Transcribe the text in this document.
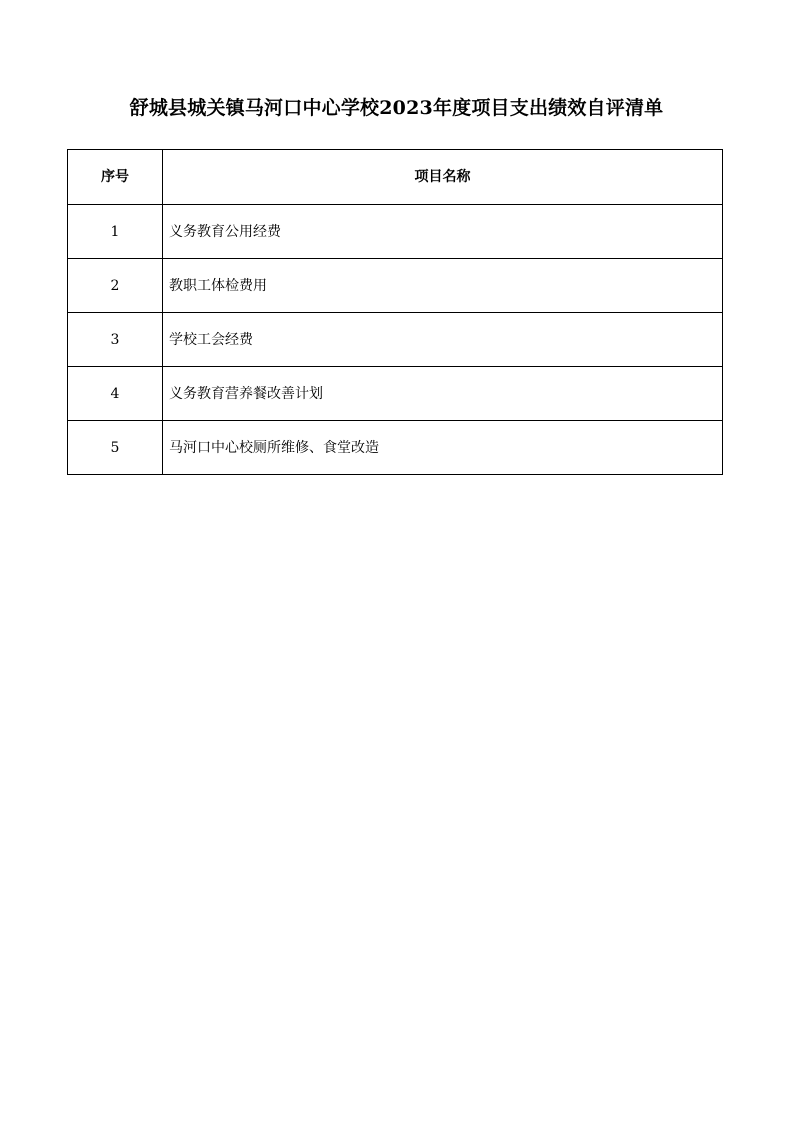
舒城县城关镇马河口中心学校2023年度项目支出绩效自评清单
序号	项目名称
1	义务教育公用经费
2	教职工体检费用
3	学校工会经费
4	义务教育营养餐改善计划
5	马河口中心校厕所维修、食堂改造
